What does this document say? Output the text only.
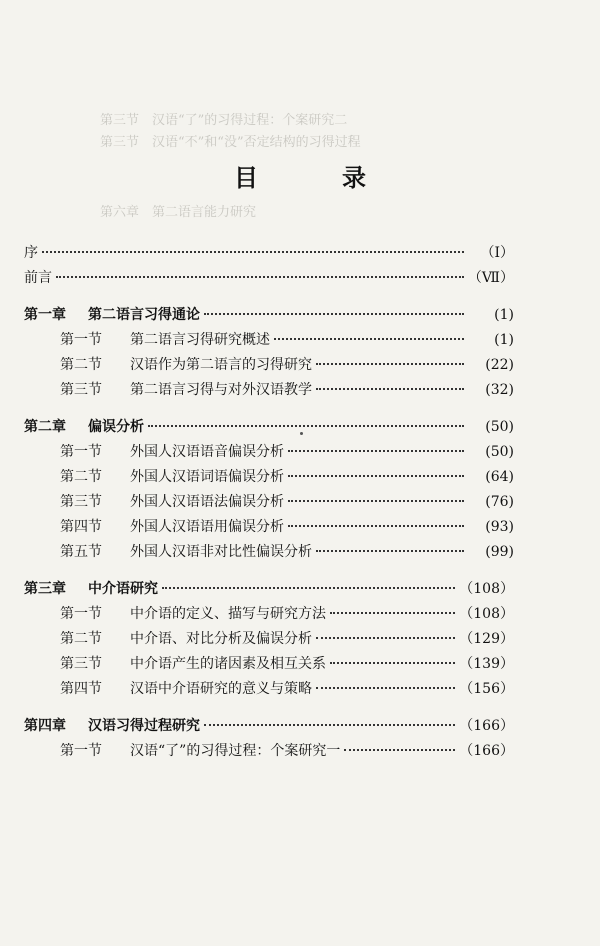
第三节　汉语“了”的习得过程：个案研究二
第三节　汉语“不”和“没”否定结构的习得过程
第六章　第二语言能力研究
目　录
序	（Ⅰ）
前言	（Ⅶ）
第一章 第二语言习得通论	(1)
第一节 第二语言习得研究概述	(1)
第二节 汉语作为第二语言的习得研究	(22)
第三节 第二语言习得与对外汉语教学	(32)
第二章 偏误分析	(50)
第一节 外国人汉语语音偏误分析	(50)
第二节 外国人汉语词语偏误分析	(64)
第三节 外国人汉语语法偏误分析	(76)
第四节 外国人汉语语用偏误分析	(93)
第五节 外国人汉语非对比性偏误分析	(99)
第三章 中介语研究	（108）
第一节 中介语的定义、描写与研究方法	（108）
第二节 中介语、对比分析及偏误分析	（129）
第三节 中介语产生的诸因素及相互关系	（139）
第四节 汉语中介语研究的意义与策略	（156）
第四章 汉语习得过程研究	（166）
第一节 汉语“了”的习得过程：个案研究一	（166）
